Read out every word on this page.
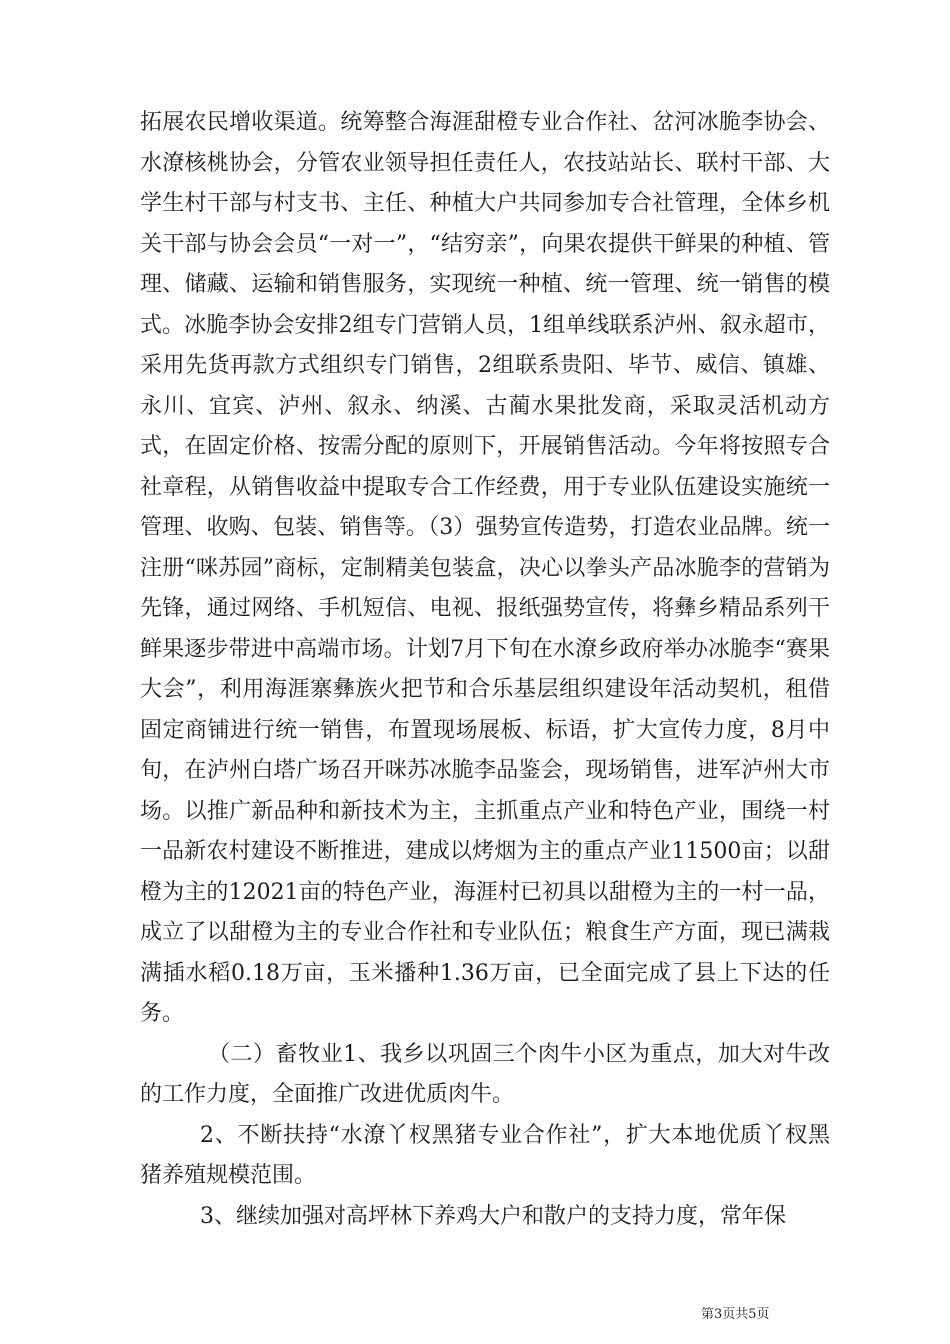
拓展农民增收渠道。统筹整合海涯甜橙专业合作社、岔河冰脆李协会、水潦核桃协会，分管农业领导担任责任人，农技站站长、联村干部、大学生村干部与村支书、主任、种植大户共同参加专合社管理，全体乡机关干部与协会会员“一对一”，“结穷亲”，向果农提供干鲜果的种植、管理、储藏、运输和销售服务，实现统一种植、统一管理、统一销售的模式。冰脆李协会安排2组专门营销人员，1组单线联系泸州、叙永超市，采用先货再款方式组织专门销售，2组联系贵阳、毕节、威信、镇雄、永川、宜宾、泸州、叙永、纳溪、古蔺水果批发商，采取灵活机动方式，在固定价格、按需分配的原则下，开展销售活动。今年将按照专合社章程，从销售收益中提取专合工作经费，用于专业队伍建设实施统一管理、收购、包装、销售等。（3）强势宣传造势，打造农业品牌。统一注册“咪苏园”商标，定制精美包装盒，决心以拳头产品冰脆李的营销为先锋，通过网络、手机短信、电视、报纸强势宣传，将彝乡精品系列干鲜果逐步带进中高端市场。计划7月下旬在水潦乡政府举办冰脆李“赛果大会”，利用海涯寨彝族火把节和合乐基层组织建设年活动契机，租借固定商铺进行统一销售，布置现场展板、标语，扩大宣传力度，8月中旬，在泸州白塔广场召开咪苏冰脆李品鉴会，现场销售，进军泸州大市场。以推广新品种和新技术为主，主抓重点产业和特色产业，围绕一村一品新农村建设不断推进，建成以烤烟为主的重点产业11500亩；以甜橙为主的12021亩的特色产业，海涯村已初具以甜橙为主的一村一品，成立了以甜橙为主的专业合作社和专业队伍；粮食生产方面，现已满栽满插水稻0.18万亩，玉米播种1.36万亩，已全面完成了县上下达的任务。

（二）畜牧业1、我乡以巩固三个肉牛小区为重点，加大对牛改的工作力度，全面推广改进优质肉牛。

2、不断扶持“水潦丫杈黑猪专业合作社”，扩大本地优质丫杈黑猪养殖规模范围。

3、继续加强对高坪林下养鸡大户和散户的支持力度，常年保

第3页共5页
